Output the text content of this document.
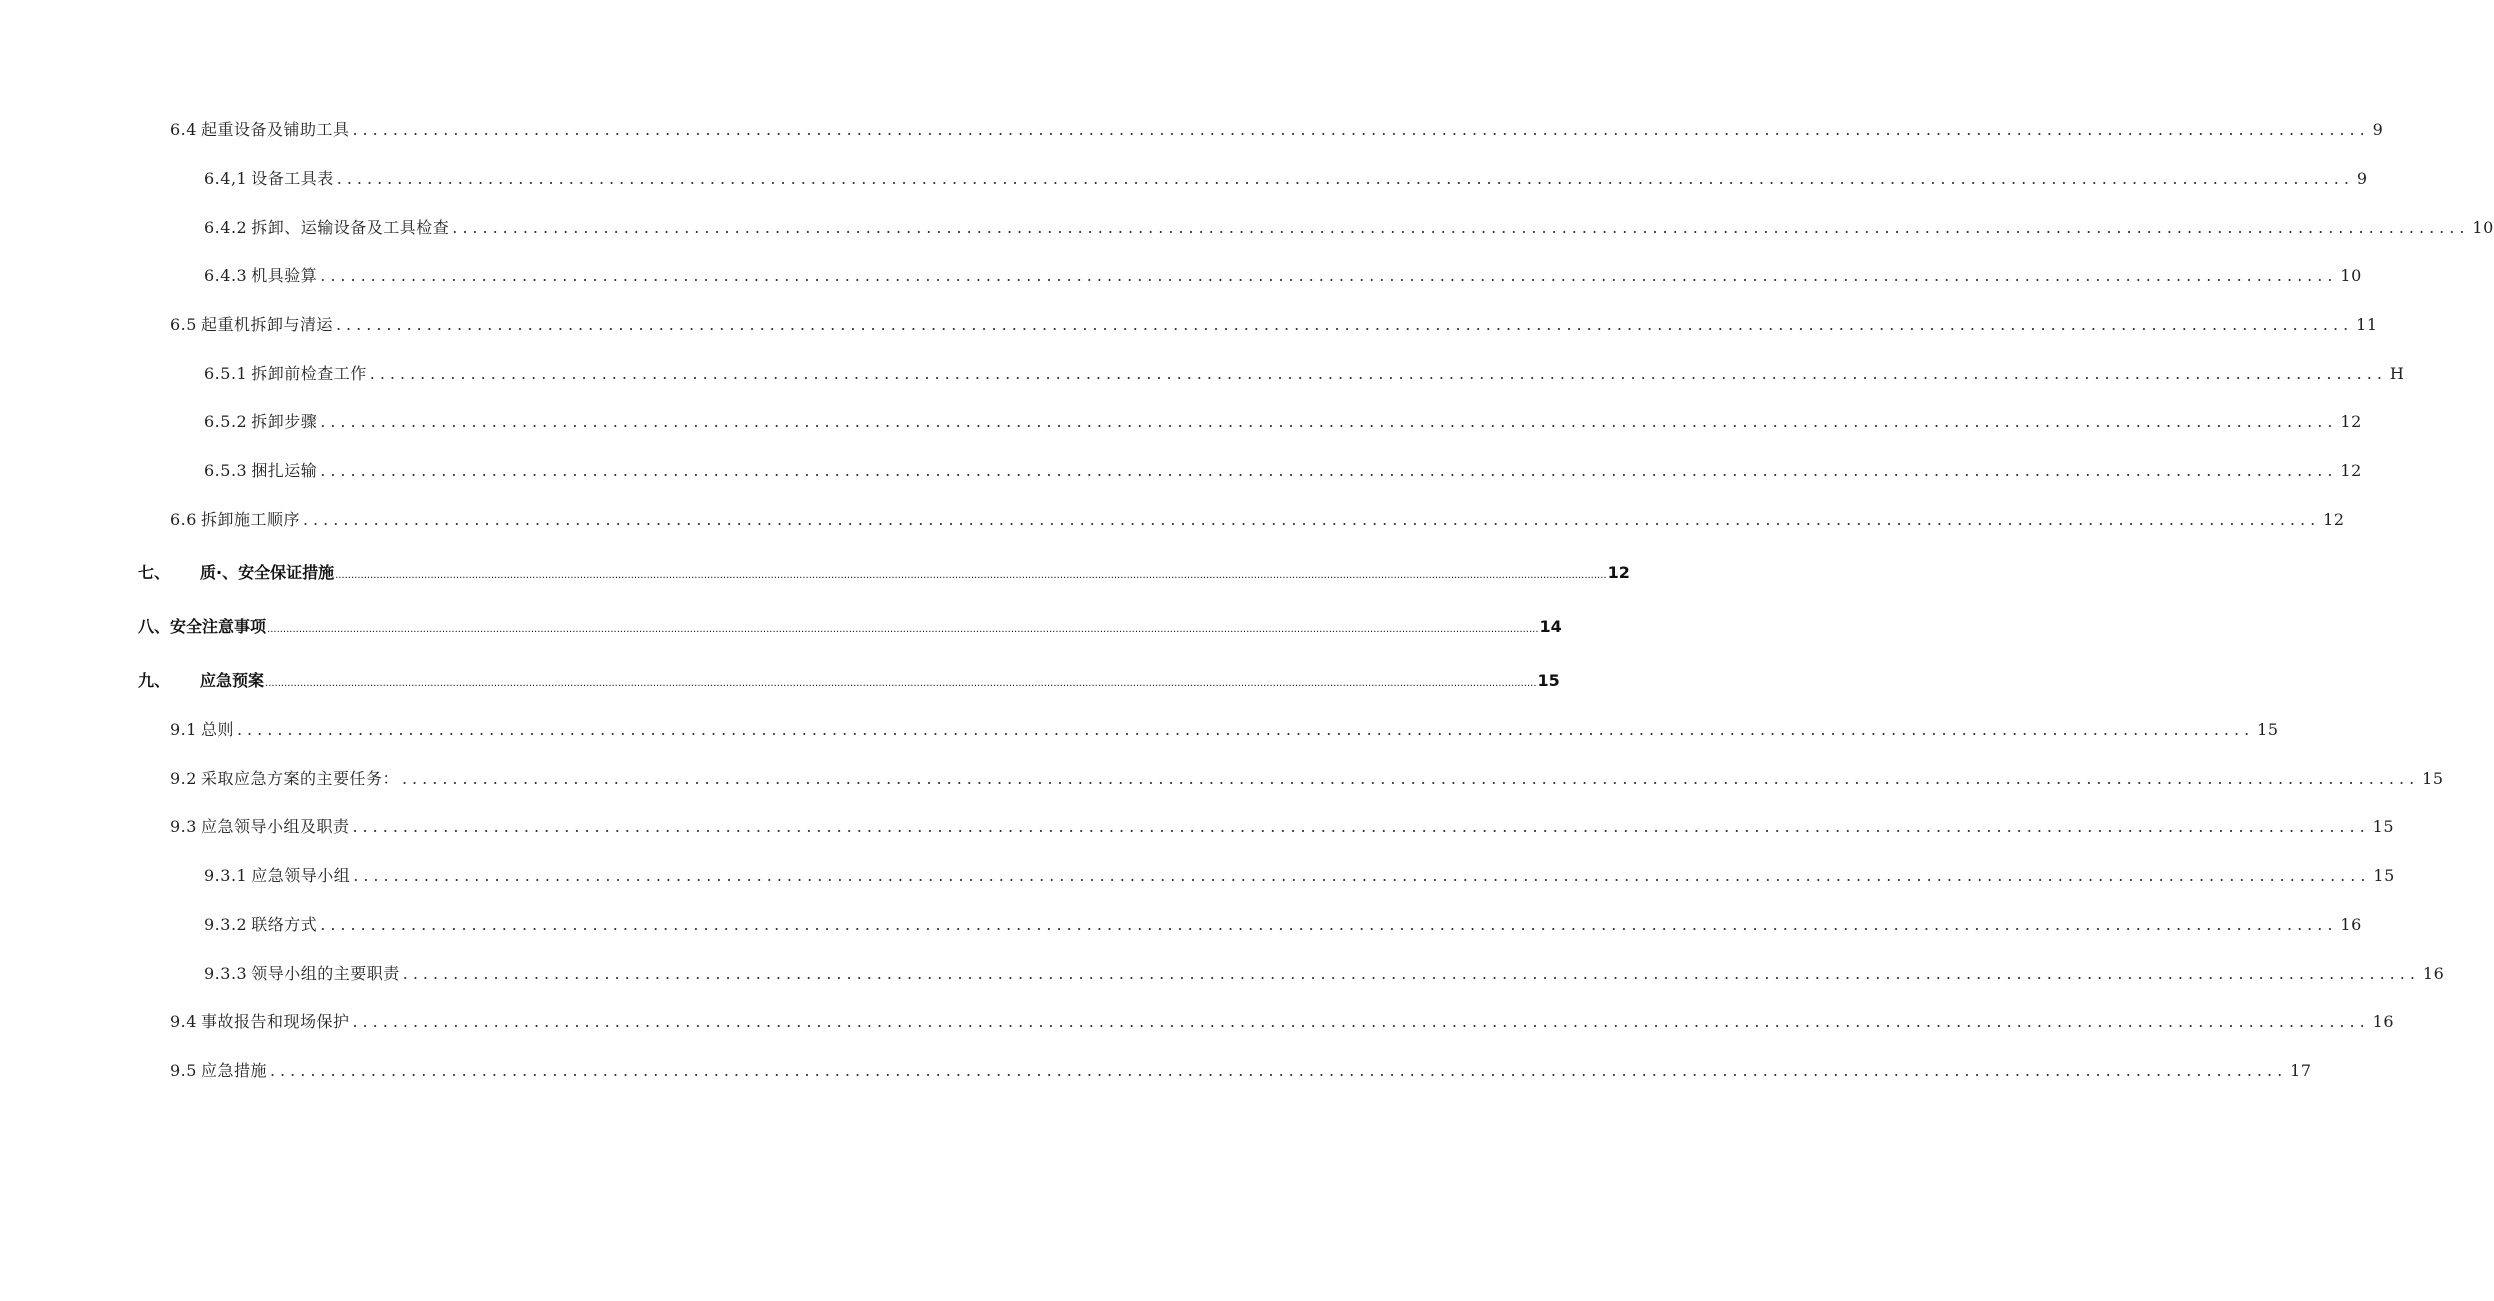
6.4 起重设备及铺助工具 ........................................................................................................................................................................................................ 9
6.4,1 设备工具表 ........................................................................................................................................................................................................ 9
6.4.2 拆卸、运输设备及工具检查 ........................................................................................................................................................................................................ 10
6.4.3 机具验算 ........................................................................................................................................................................................................ 10
6.5 起重机拆卸与清运 ........................................................................................................................................................................................................ 11
6.5.1 拆卸前检查工作 ........................................................................................................................................................................................................ H
6.5.2 拆卸步骤 ........................................................................................................................................................................................................ 12
6.5.3 捆扎运输 ........................................................................................................................................................................................................ 12
6.6 拆卸施工顺序 ........................................................................................................................................................................................................ 12
七、	质·、安全保证措施 ................................................................................................................................................................................................................................................................................................................................................................................................................ 12
八、 安全注意事项 ................................................................................................................................................................................................................................................................................................................................................................................................................ 14
九、	应急预案 ................................................................................................................................................................................................................................................................................................................................................................................................................ 15
9.1 总则 ........................................................................................................................................................................................................ 15
9.2 采取应急方案的主要任务： ........................................................................................................................................................................................................ 15
9.3 应急领导小组及职责 ........................................................................................................................................................................................................ 15
9.3.1 应急领导小组 ........................................................................................................................................................................................................ 15
9.3.2 联络方式 ........................................................................................................................................................................................................ 16
9.3.3 领导小组的主要职责 ........................................................................................................................................................................................................ 16
9.4 事故报告和现场保护 ........................................................................................................................................................................................................ 16
9.5 应急措施 ........................................................................................................................................................................................................ 17
